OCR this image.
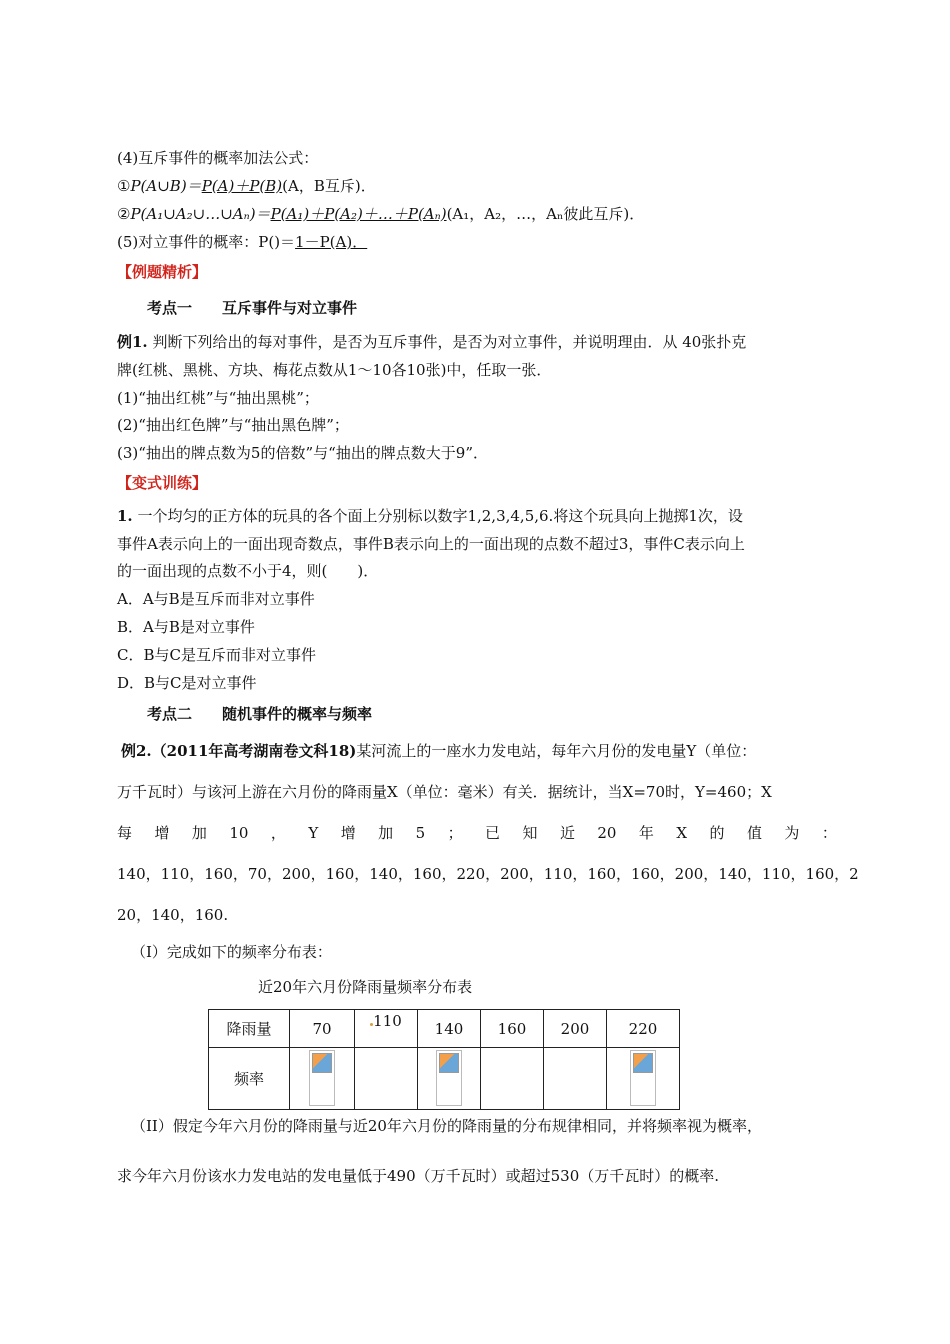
(4)互斥事件的概率加法公式：
①P(A∪B)＝P(A)＋P(B)(A，B互斥)．
②P(A₁∪A₂∪…∪Aₙ)＝P(A₁)＋P(A₂)＋…＋P(Aₙ)(A₁，A₂，…，Aₙ彼此互斥)．
(5)对立事件的概率：P()＝1－P(A)．
【例题精析】
考点一　　互斥事件与对立事件
例1. 判断下列给出的每对事件，是否为互斥事件，是否为对立事件，并说明理由．从 40张扑克
牌(红桃、黑桃、方块、梅花点数从1～10各10张)中，任取一张．
(1)“抽出红桃”与“抽出黑桃”；
(2)“抽出红色牌”与“抽出黑色牌”；
(3)“抽出的牌点数为5的倍数”与“抽出的牌点数大于9”．
【变式训练】
1. 一个均匀的正方体的玩具的各个面上分别标以数字1,2,3,4,5,6.将这个玩具向上抛掷1次，设
事件A表示向上的一面出现奇数点，事件B表示向上的一面出现的点数不超过3，事件C表示向上
的一面出现的点数不小于4，则(　　)．
A．A与B是互斥而非对立事件
B．A与B是对立事件
C．B与C是互斥而非对立事件
D．B与C是对立事件
考点二　　随机事件的概率与频率
例2.（2011年高考湖南卷文科18)某河流上的一座水力发电站，每年六月份的发电量Y（单位：
万千瓦时）与该河上游在六月份的降雨量X（单位：毫米）有关．据统计，当X=70时，Y=460；X
每 增 加 10 ， Y 增 加 5 ； 已 知 近 20 年 X 的 值 为 ：
140，110，160，70，200，160，140，160，220，200，110，160，160，200，140，110，160，2
20，140，160.
（I）完成如下的频率分布表：
近20年六月份降雨量频率分布表
降雨量	70	110	140	160	200	220
频率	

（II）假定今年六月份的降雨量与近20年六月份的降雨量的分布规律相同，并将频率视为概率，
求今年六月份该水力发电站的发电量低于490（万千瓦时）或超过530（万千瓦时）的概率.
